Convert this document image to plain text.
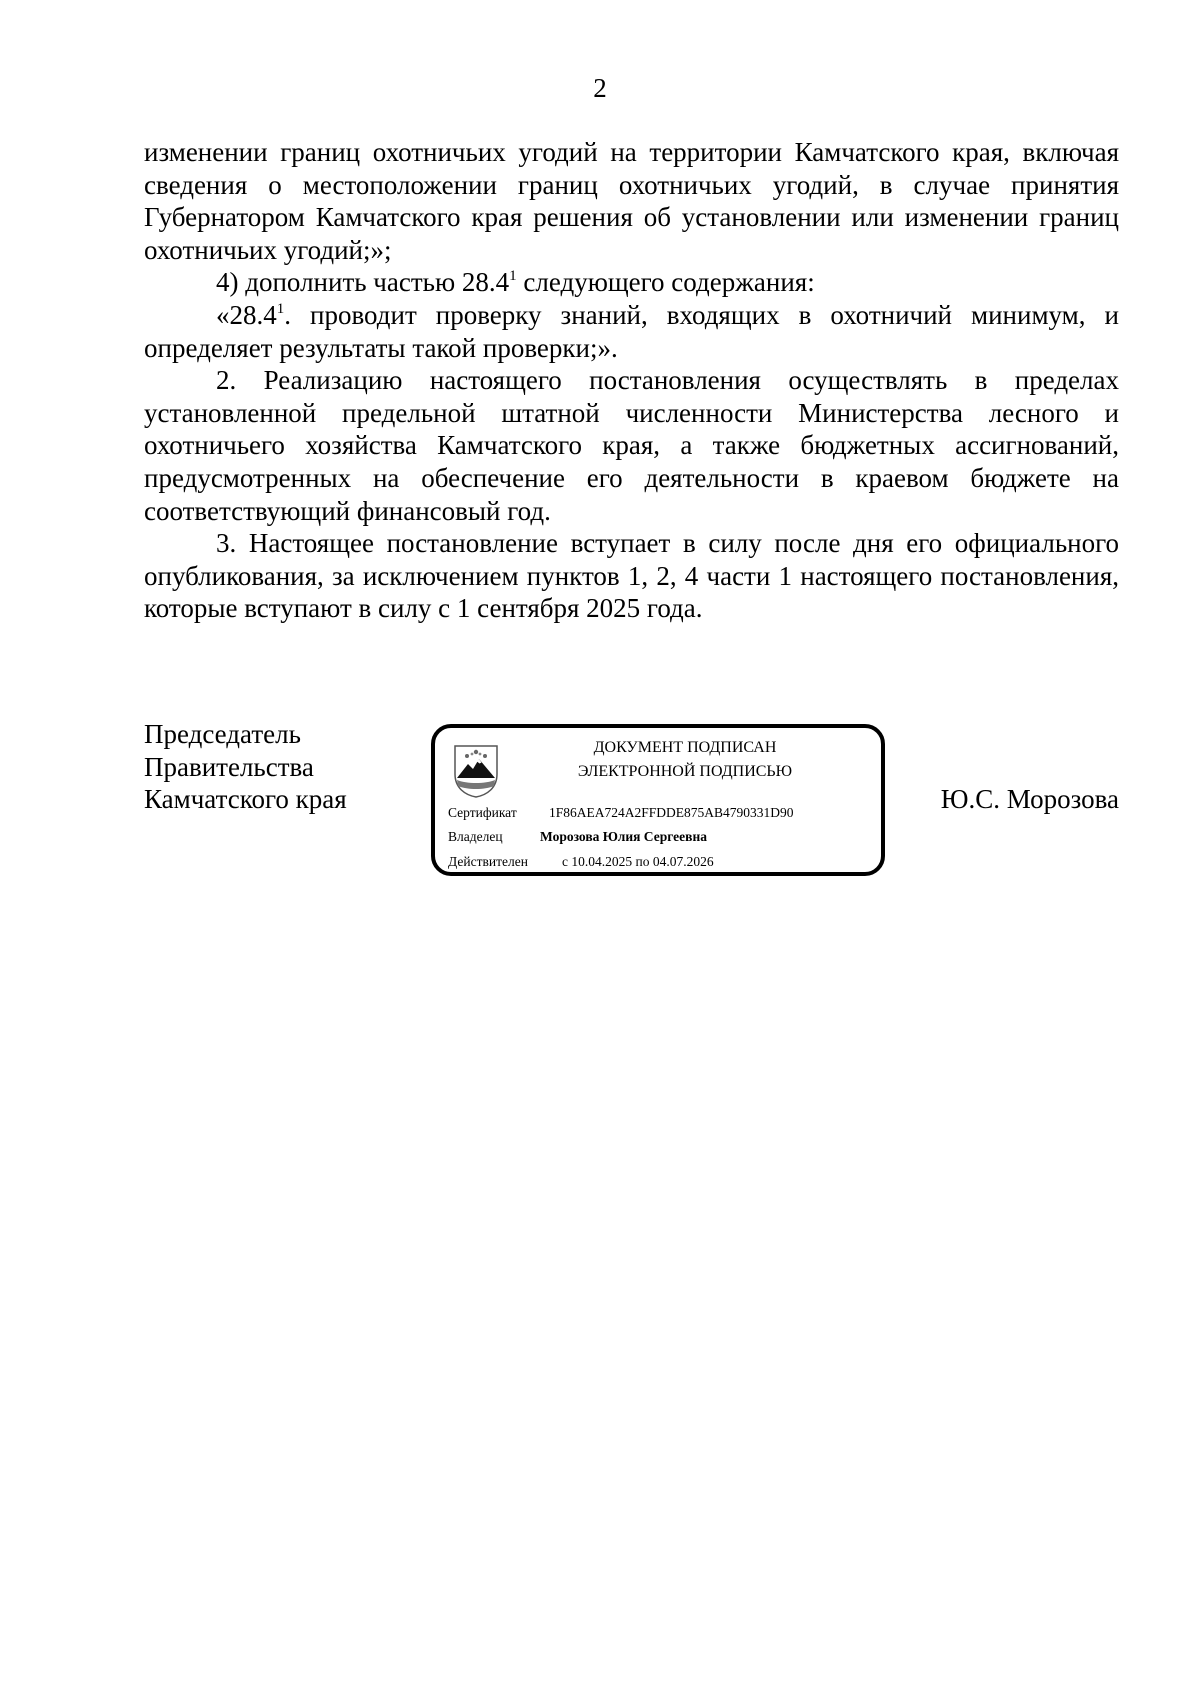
2

изменении границ охотничьих угодий на территории Камчатского края, включая сведения о местоположении границ охотничьих угодий, в случае принятия Губернатором Камчатского края решения об установлении или изменении границ охотничьих угодий;»;

4) дополнить частью 28.4$^1$ следующего содержания:

«28.4$^1$. проводит проверку знаний, входящих в охотничий минимум, и определяет результаты такой проверки;».

2. Реализацию настоящего постановления осуществлять в пределах установленной предельной штатной численности Министерства лесного и охотничьего хозяйства Камчатского края, а также бюджетных ассигнований, предусмотренных на обеспечение его деятельности в краевом бюджете на соответствующий финансовый год.

3. Настоящее постановление вступает в силу после дня его официального опубликования, за исключением пунктов 1, 2, 4 части 1 настоящего постановления, которые вступают в силу с 1 сентября 2025 года.

Председатель
Правительства
Камчатского края	Ю.С. Морозова
ДОКУМЕНТ ПОДПИСАН
ЭЛЕКТРОННОЙ ПОДПИСЬЮ
Сертификат 1F86AEA724A2FFDDE875AB4790331D90
Владелец	Морозова Юлия Сергеевна
Действителен	с 10.04.2025 по 04.07.2026
